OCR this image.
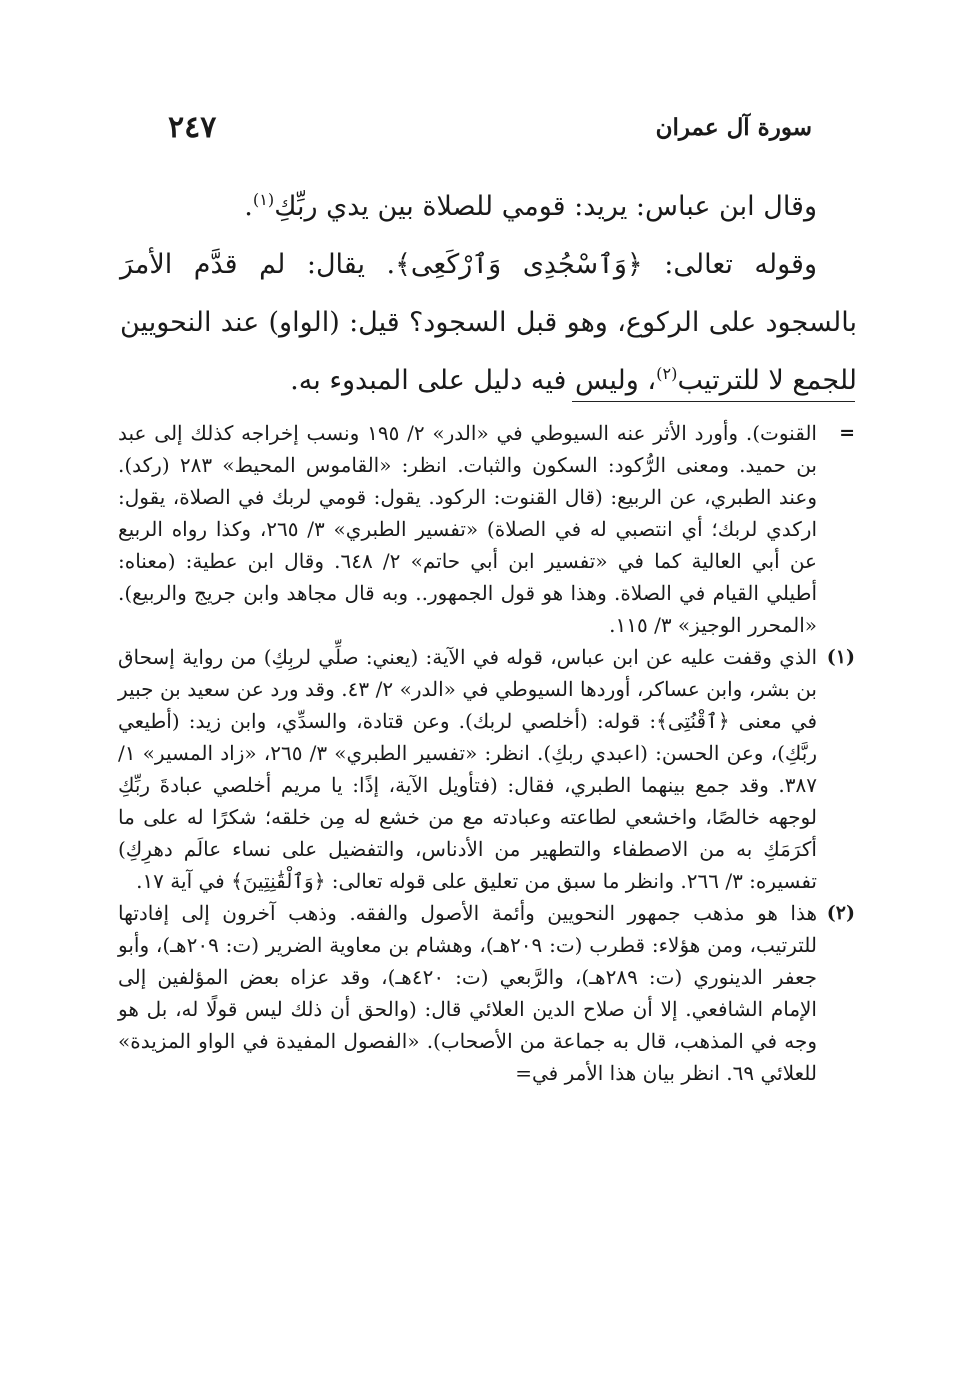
سورة آل عمران
٢٤٧

وقال ابن عباس: يريد: قومي للصلاة بين يدي ربِّكِ$^{(١)}$.

وقوله تعالى: ﴿وَٱسْجُدِى وَٱرْكَعِى﴾. يقال: لم قدَّم الأمرَ بالسجود على الركوع، وهو قبل السجود؟ قيل: (الواو) عند النحويين للجمع لا للترتيب$^{(٢)}$، وليس فيه دليل على المبدوء به.

=
القنوت). وأورد الأثر عنه السيوطي في «الدر» ٢/ ١٩٥ ونسب إخراجه كذلك إلى عبد بن حميد. ومعنى الرُّكود: السكون والثبات. انظر: «القاموس المحيط» ٢٨٣ (ركد). وعند الطبري، عن الربيع: (قال القنوت: الركود. يقول: قومي لربك في الصلاة، يقول: اركدي لربك؛ أي انتصبي له في الصلاة) «تفسير الطبري» ٣/ ٢٦٥، وكذا رواه الربيع عن أبي العالية كما في «تفسير ابن أبي حاتم» ٢/ ٦٤٨. وقال ابن عطية: (معناه: أطيلي القيام في الصلاة. وهذا هو قول الجمهور.. وبه قال مجاهد وابن جريج والربيع). «المحرر الوجيز» ٣/ ١١٥.

(١)
الذي وقفت عليه عن ابن عباس، قوله في الآية: (يعني: صلِّي لربِكِ) من رواية إسحاق بن بشر، وابن عساكر، أوردها السيوطي في «الدر» ٢/ ٤٣. وقد ورد عن سعيد بن جبير في معنى ﴿ٱقْنُتِى﴾: قوله: (أخلصي لربك). وعن قتادة، والسدِّي، وابن زيد: (أطيعي ربَّكِ)، وعن الحسن: (اعبدي ربكِ). انظر: «تفسير الطبري» ٣/ ٢٦٥، «زاد المسير» ١/ ٣٨٧. وقد جمع بينهما الطبري، فقال: (فتأويل الآية، إذًا: يا مريم أخلصي عبادةَ ربِّكِ لوجهه خالصًا، واخشعي لطاعته وعبادته مع من خشع له مِن خلقه؛ شكرًا له على ما أكرَمَكِ به من الاصطفاء والتطهير من الأدناس، والتفضيل على نساء عالَم دهرِكِ) تفسيره: ٣/ ٢٦٦. وانظر ما سبق من تعليق على قوله تعالى: ﴿وَٱلْقَٰنِتِينَ﴾ في آية ١٧.

(٢)
هذا هو مذهب جمهور النحويين وأئمة الأصول والفقه. وذهب آخرون إلى إفادتها للترتيب، ومن هؤلاء: قطرب (ت: ٢٠٩هـ)، وهشام بن معاوية الضرير (ت: ٢٠٩هـ)، وأبو جعفر الدينوري (ت: ٢٨٩هـ)، والرَّبعي (ت: ٤٢٠هـ)، وقد عزاه بعض المؤلفين إلى الإمام الشافعي. إلا أن صلاح الدين العلائي قال: (والحق أن ذلك ليس قولًا له، بل هو وجه في المذهب، قال به جماعة من الأصحاب). «الفصول المفيدة في الواو المزيدة» للعلائي ٦٩. انظر بيان هذا الأمر في=
